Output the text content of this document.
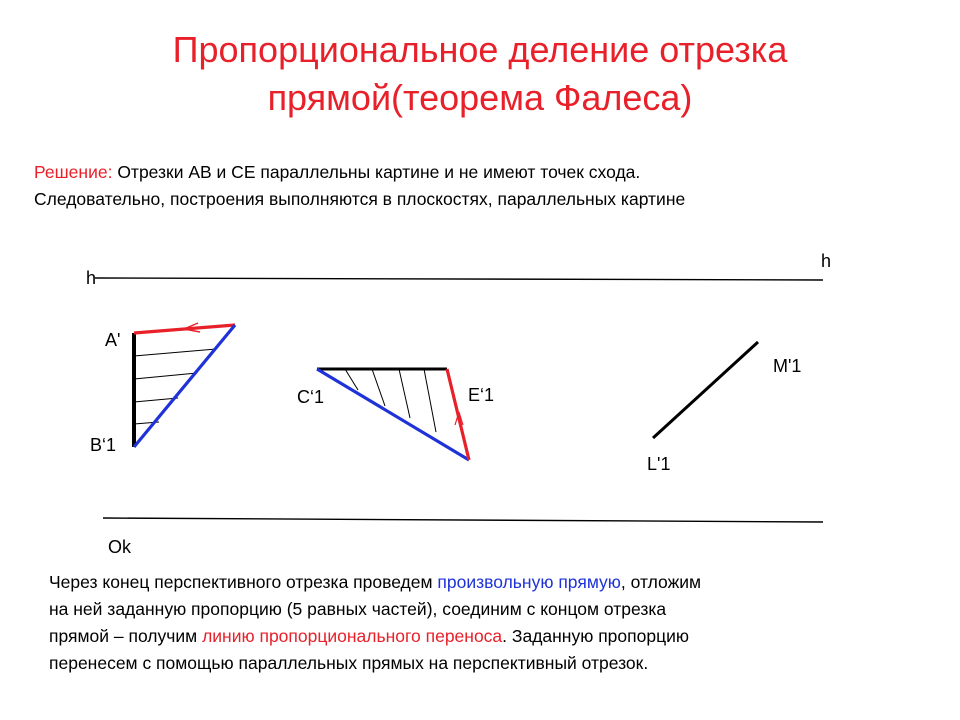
Пропорциональное деление отрезка
прямой(теорема Фалеса)
Решение: Отрезки АВ и СЕ параллельны картине и не имеют точек схода.
Следовательно, построения выполняются в плоскостях, параллельных картине
h
h
A'
B‘1
C‘1	E‘1
M'1
L'1
Ok
Через конец перспективного отрезка проведем произвольную прямую, отложим
на ней заданную пропорцию (5 равных частей), соединим с концом отрезка
прямой – получим линию пропорционального переноса. Заданную пропорцию
перенесем с помощью параллельных прямых на перспективный отрезок.
